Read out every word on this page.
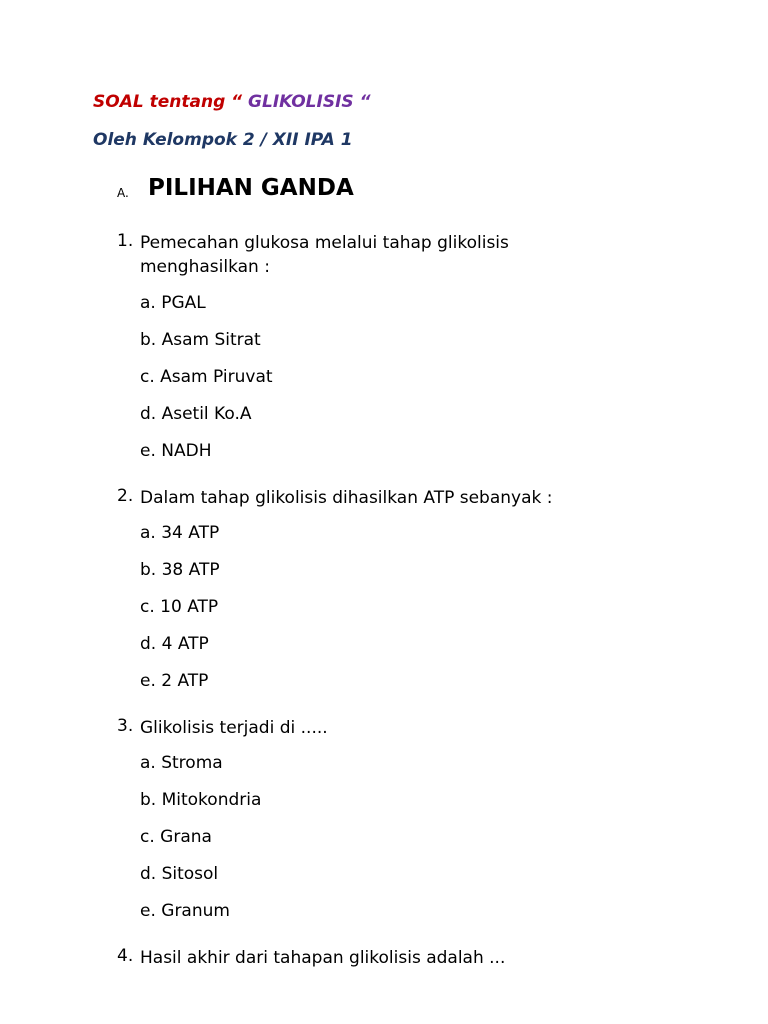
SOAL tentang “ GLIKOLISIS “
Oleh Kelompok 2 / XII IPA 1
A. PILIHAN GANDA
1. Pemecahan glukosa melalui tahap glikolisis menghasilkan :
a. PGAL
b. Asam Sitrat
c. Asam Piruvat
d. Asetil Ko.A
e. NADH
2. Dalam tahap glikolisis dihasilkan ATP sebanyak :
a. 34 ATP
b. 38 ATP
c. 10 ATP
d. 4 ATP
e. 2 ATP
3. Glikolisis terjadi di .....
a. Stroma
b. Mitokondria
c. Grana
d. Sitosol
e. Granum
4. Hasil akhir dari tahapan glikolisis adalah ...
